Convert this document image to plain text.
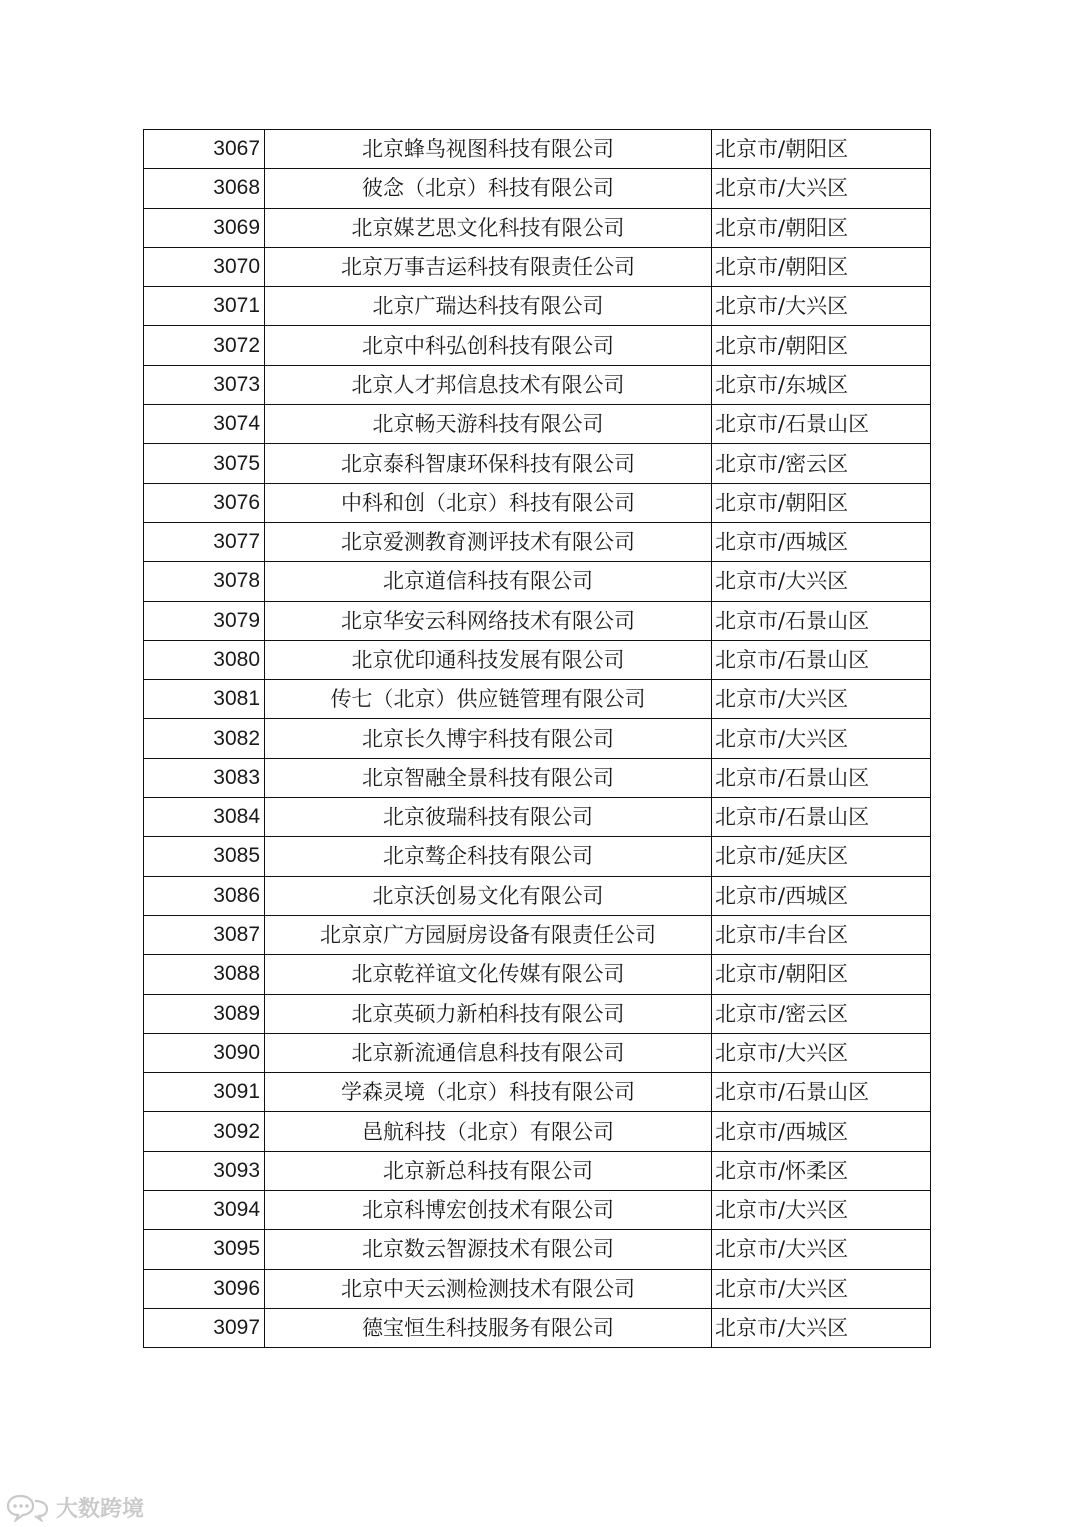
3067	北京蜂鸟视图科技有限公司	北京市/朝阳区
3068	彼念（北京）科技有限公司	北京市/大兴区
3069	北京媒艺思文化科技有限公司	北京市/朝阳区
3070	北京万事吉运科技有限责任公司	北京市/朝阳区
3071	北京广瑞达科技有限公司	北京市/大兴区
3072	北京中科弘创科技有限公司	北京市/朝阳区
3073	北京人才邦信息技术有限公司	北京市/东城区
3074	北京畅天游科技有限公司	北京市/石景山区
3075	北京泰科智康环保科技有限公司	北京市/密云区
3076	中科和创（北京）科技有限公司	北京市/朝阳区
3077	北京爱测教育测评技术有限公司	北京市/西城区
3078	北京道信科技有限公司	北京市/大兴区
3079	北京华安云科网络技术有限公司	北京市/石景山区
3080	北京优印通科技发展有限公司	北京市/石景山区
3081	传七（北京）供应链管理有限公司	北京市/大兴区
3082	北京长久博宇科技有限公司	北京市/大兴区
3083	北京智融全景科技有限公司	北京市/石景山区
3084	北京彼瑞科技有限公司	北京市/石景山区
3085	北京骜企科技有限公司	北京市/延庆区
3086	北京沃创易文化有限公司	北京市/西城区
3087	北京京广方园厨房设备有限责任公司	北京市/丰台区
3088	北京乾祥谊文化传媒有限公司	北京市/朝阳区
3089	北京英硕力新柏科技有限公司	北京市/密云区
3090	北京新流通信息科技有限公司	北京市/大兴区
3091	学森灵境（北京）科技有限公司	北京市/石景山区
3092	邑航科技（北京）有限公司	北京市/西城区
3093	北京新总科技有限公司	北京市/怀柔区
3094	北京科博宏创技术有限公司	北京市/大兴区
3095	北京数云智源技术有限公司	北京市/大兴区
3096	北京中天云测检测技术有限公司	北京市/大兴区
3097	德宝恒生科技服务有限公司	北京市/大兴区
大数跨境
